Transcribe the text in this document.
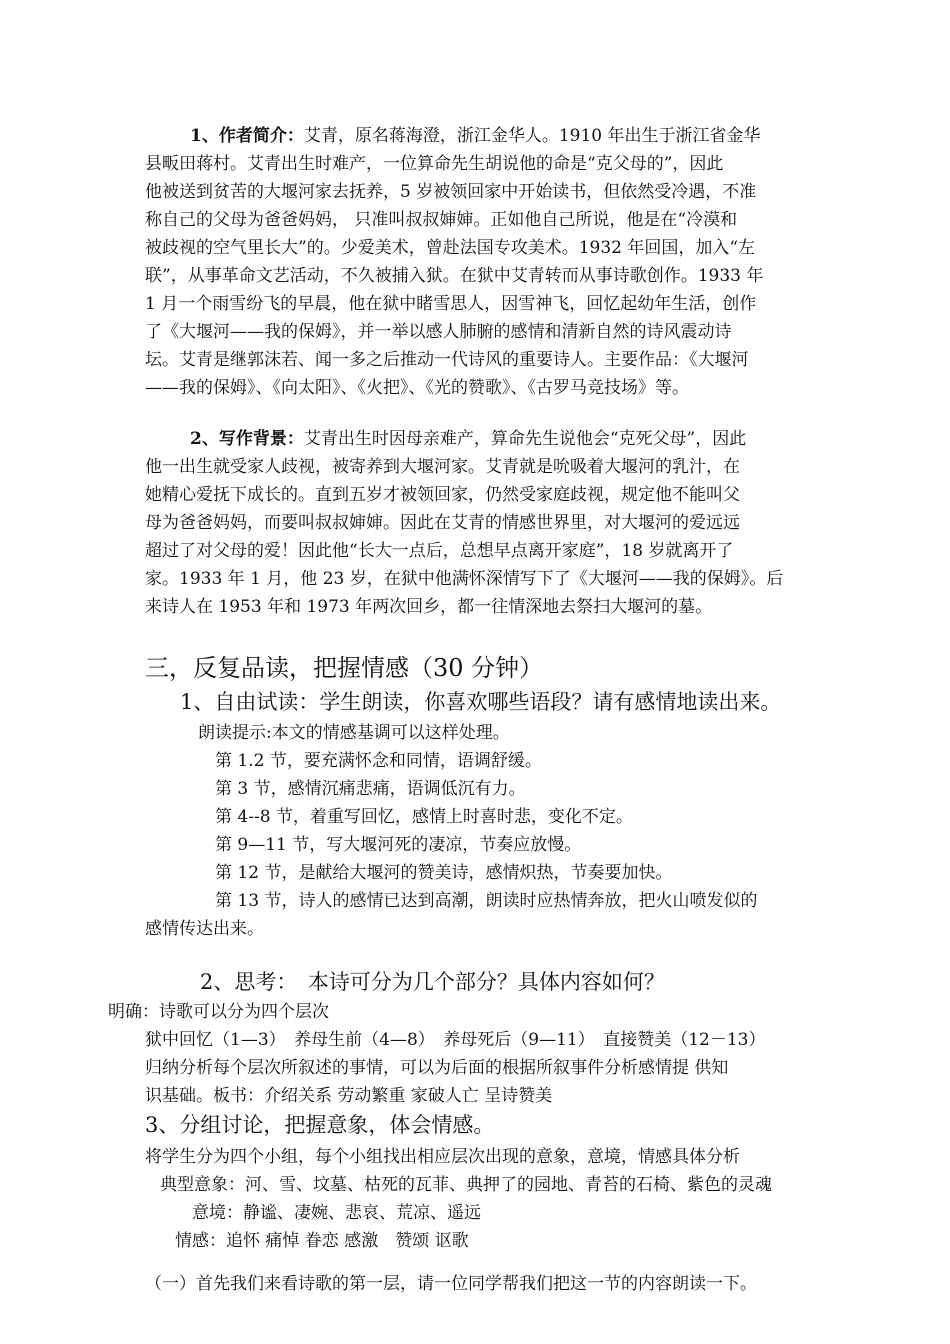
1、作者简介：艾青，原名蒋海澄，浙江金华人。1910 年出生于浙江省金华
县畈田蒋村。艾青出生时难产，一位算命先生胡说他的命是“克父母的”，因此
他被送到贫苦的大堰河家去抚养，5 岁被领回家中开始读书，但依然受冷遇，不准
称自己的父母为爸爸妈妈， 只准叫叔叔婶婶。正如他自己所说，他是在“冷漠和
被歧视的空气里长大”的。少爱美术，曾赴法国专攻美术。1932 年回国，加入“左
联”，从事革命文艺活动，不久被捕入狱。在狱中艾青转而从事诗歌创作。1933 年
1 月一个雨雪纷飞的早晨，他在狱中睹雪思人，因雪神飞，回忆起幼年生活，创作
了《大堰河——我的保姆》，并一举以感人肺腑的感情和清新自然的诗风震动诗
坛。艾青是继郭沫若、闻一多之后推动一代诗风的重要诗人。主要作品：《大堰河
——我的保姆》、《向太阳》、《火把》、《光的赞歌》、《古罗马竞技场》等。
2、写作背景：艾青出生时因母亲难产，算命先生说他会“克死父母”，因此
他一出生就受家人歧视，被寄养到大堰河家。艾青就是吮吸着大堰河的乳汁，在
她精心爱抚下成长的。直到五岁才被领回家，仍然受家庭歧视，规定他不能叫父
母为爸爸妈妈，而要叫叔叔婶婶。因此在艾青的情感世界里，对大堰河的爱远远
超过了对父母的爱！因此他“长大一点后，总想早点离开家庭”，18 岁就离开了
家。1933 年 1 月，他 23 岁，在狱中他满怀深情写下了《大堰河——我的保姆》。后
来诗人在 1953 年和 1973 年两次回乡，都一往情深地去祭扫大堰河的墓。
三，反复品读，把握情感（30 分钟）
1、自由试读：学生朗读，你喜欢哪些语段？请有感情地读出来。
朗读提示:本文的情感基调可以这样处理。
第 1.2 节，要充满怀念和同情，语调舒缓。
第 3 节，感情沉痛悲痛，语调低沉有力。
第 4--8 节，着重写回忆，感情上时喜时悲，变化不定。
第 9—11 节，写大堰河死的凄凉，节奏应放慢。
第 12 节，是献给大堰河的赞美诗，感情炽热，节奏要加快。
第 13 节，诗人的感情已达到高潮，朗读时应热情奔放，把火山喷发似的
感情传达出来。
2、思考：　本诗可分为几个部分？具体内容如何？
明确：诗歌可以分为四个层次
狱中回忆（1—3）　养母生前（4—8）　养母死后（9—11）　直接赞美（12－13）
归纳分析每个层次所叙述的事情，可以为后面的根据所叙事件分析感情提 供知
识基础。板书：介绍关系 劳动繁重 家破人亡 呈诗赞美
3、分组讨论，把握意象，体会情感。
将学生分为四个小组，每个小组找出相应层次出现的意象，意境，情感具体分析
典型意象：河、雪、坟墓、枯死的瓦菲、典押了的园地、青苔的石椅、紫色的灵魂
意境：静谧、凄婉、悲哀、荒凉、遥远
情感：追怀 痛悼 眷恋 感激　赞颂 讴歌
（一）首先我们来看诗歌的第一层，请一位同学帮我们把这一节的内容朗读一下。
